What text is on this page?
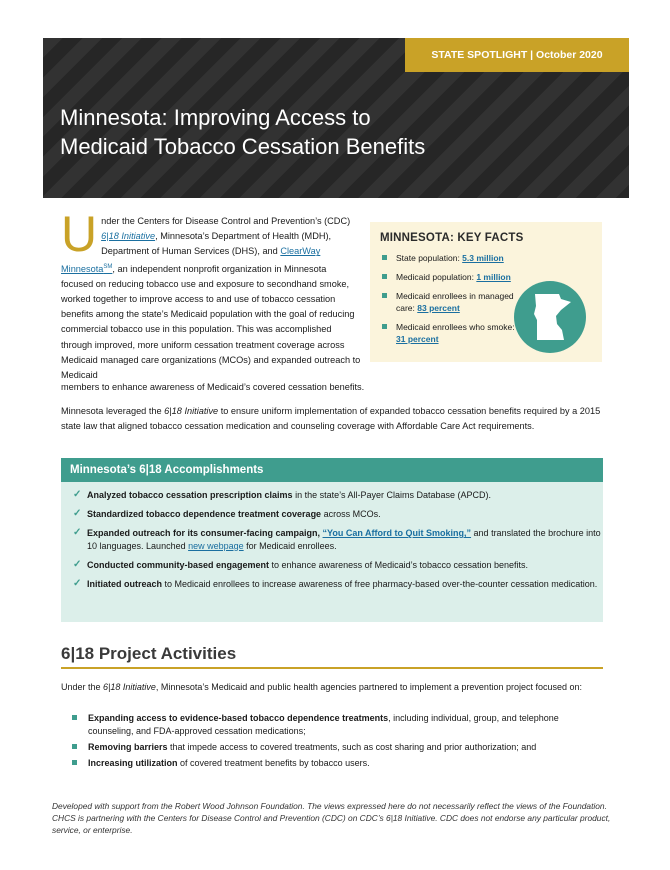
STATE SPOTLIGHT | October 2020
Minnesota: Improving Access to
Medicaid Tobacco Cessation Benefits
Under the Centers for Disease Control and Prevention’s (CDC) 6|18 Initiative, Minnesota’s Department of Health (MDH), Department of Human Services (DHS), and ClearWay Minnesota℠, an independent nonprofit organization in Minnesota focused on reducing tobacco use and exposure to secondhand smoke, worked together to improve access to and use of tobacco cessation benefits among the state’s Medicaid population with the goal of reducing commercial tobacco use in this population. This was accomplished through improved, more uniform cessation treatment coverage across Medicaid managed care organizations (MCOs) and expanded outreach to Medicaid
members to enhance awareness of Medicaid’s covered cessation benefits.
MINNESOTA: KEY FACTS
State population: 5.3 million
Medicaid population: 1 million
Medicaid enrollees in managed care: 83 percent
Medicaid enrollees who smoke: 31 percent
Minnesota leveraged the 6|18 Initiative to ensure uniform implementation of expanded tobacco cessation benefits required by a 2015 state law that aligned tobacco cessation medication and counseling coverage with Affordable Care Act requirements.
Minnesota’s 6|18 Accomplishments
✓ Analyzed tobacco cessation prescription claims in the state’s All-Payer Claims Database (APCD).
✓ Standardized tobacco dependence treatment coverage across MCOs.
✓ Expanded outreach for its consumer-facing campaign, “You Can Afford to Quit Smoking,” and translated the brochure into 10 languages. Launched new webpage for Medicaid enrollees.
✓ Conducted community-based engagement to enhance awareness of Medicaid’s tobacco cessation benefits.
✓ Initiated outreach to Medicaid enrollees to increase awareness of free pharmacy-based over-the-counter cessation medication.
6|18 Project Activities
Under the 6|18 Initiative, Minnesota’s Medicaid and public health agencies partnered to implement a prevention project focused on:
Expanding access to evidence-based tobacco dependence treatments, including individual, group, and telephone counseling, and FDA-approved cessation medications;
Removing barriers that impede access to covered treatments, such as cost sharing and prior authorization; and
Increasing utilization of covered treatment benefits by tobacco users.
Developed with support from the Robert Wood Johnson Foundation. The views expressed here do not necessarily reflect the views of the Foundation. CHCS is partnering with the Centers for Disease Control and Prevention (CDC) on CDC’s 6|18 Initiative. CDC does not endorse any particular product, service, or enterprise.
